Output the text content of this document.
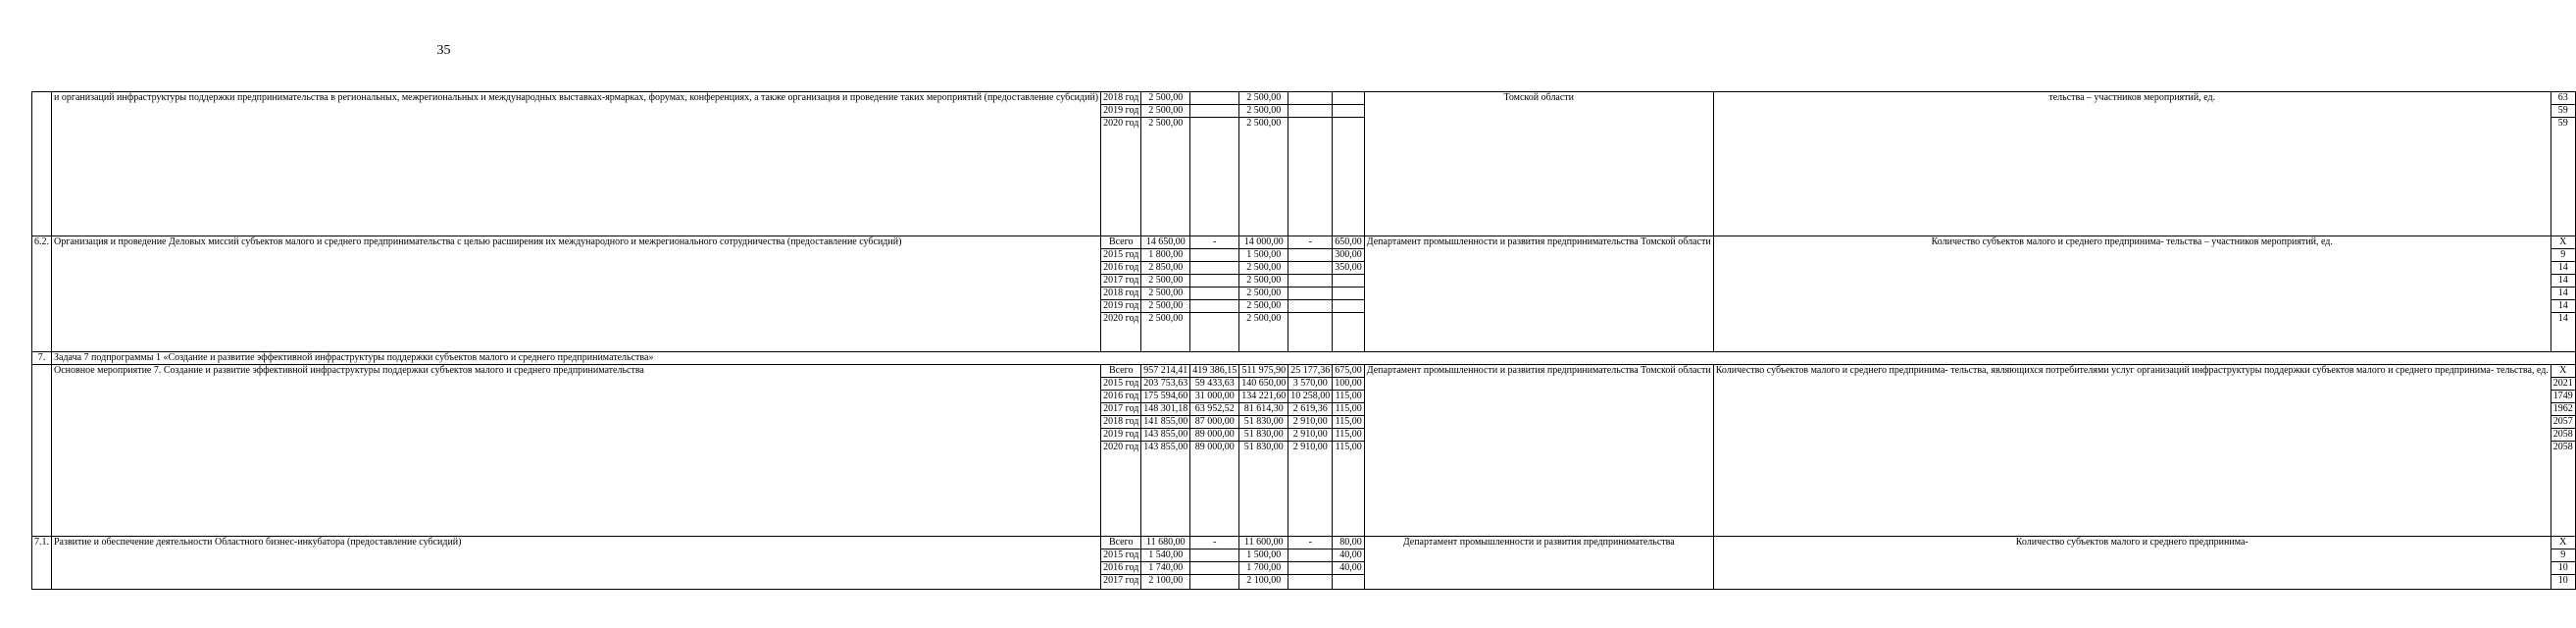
35
	и организаций инфраструктуры поддержки предпринимательства в региональных, межрегиональных и международных выставках-ярмарках, форумах, конференциях, а также организация и проведение таких мероприятий (предоставление субсидий)	2018 год	2 500,00		2 500,00			Томской области	тельства – участников мероприятий, ед.	63
		2019 год	2 500,00		2 500,00					59
		2020 год	2 500,00		2 500,00					59
6.2.	Организация и проведение Деловых миссий субъектов малого и среднего предпринимательства с целью расширения их международного и межрегионального сотрудничества (предоставление субсидий)	Всего	14 650,00	-	14 000,00	-	650,00	Департамент промышленности и развития предпринимательства Томской области	Количество субъектов малого и среднего предпринима- тельства – участников мероприятий, ед.	Х
		2015 год	1 800,00		1 500,00		300,00			9
		2016 год	2 850,00		2 500,00		350,00			14
		2017 год	2 500,00		2 500,00					14
		2018 год	2 500,00		2 500,00					14
		2019 год	2 500,00		2 500,00					14
		2020 год	2 500,00		2 500,00					14
7.	Задача 7 подпрограммы 1 «Создание и развитие эффективной инфраструктуры поддержки субъектов малого и среднего предпринимательства»									
	Основное мероприятие 7. Создание и развитие эффективной инфраструктуры поддержки субъектов малого и среднего предпринимательства	Всего	957 214,41	419 386,15	511 975,90	25 177,36	675,00	Департамент промышленности и развития предпринимательства Томской области	Количество субъектов малого и среднего предпринима- тельства, являющихся потребителями услуг организаций инфраструктуры поддержки субъектов малого и среднего предпринима- тельства, ед.	Х
		2015 год	203 753,63	59 433,63	140 650,00	3 570,00	100,00			2021
		2016 год	175 594,60	31 000,00	134 221,60	10 258,00	115,00			1749
		2017 год	148 301,18	63 952,52	81 614,30	2 619,36	115,00			1962
		2018 год	141 855,00	87 000,00	51 830,00	2 910,00	115,00			2057
		2019 год	143 855,00	89 000,00	51 830,00	2 910,00	115,00			2058
		2020 год	143 855,00	89 000,00	51 830,00	2 910,00	115,00			2058
7.1.	Развитие и обеспечение деятельности Областного бизнес-инкубатора (предоставление субсидий)	Всего	11 680,00	-	11 600,00	-	80,00	Департамент промышленности и развития предпринимательства	Количество субъектов малого и среднего предпринима-	Х
		2015 год	1 540,00		1 500,00		40,00			9
		2016 год	1 740,00		1 700,00		40,00			10
		2017 год	2 100,00		2 100,00					10
